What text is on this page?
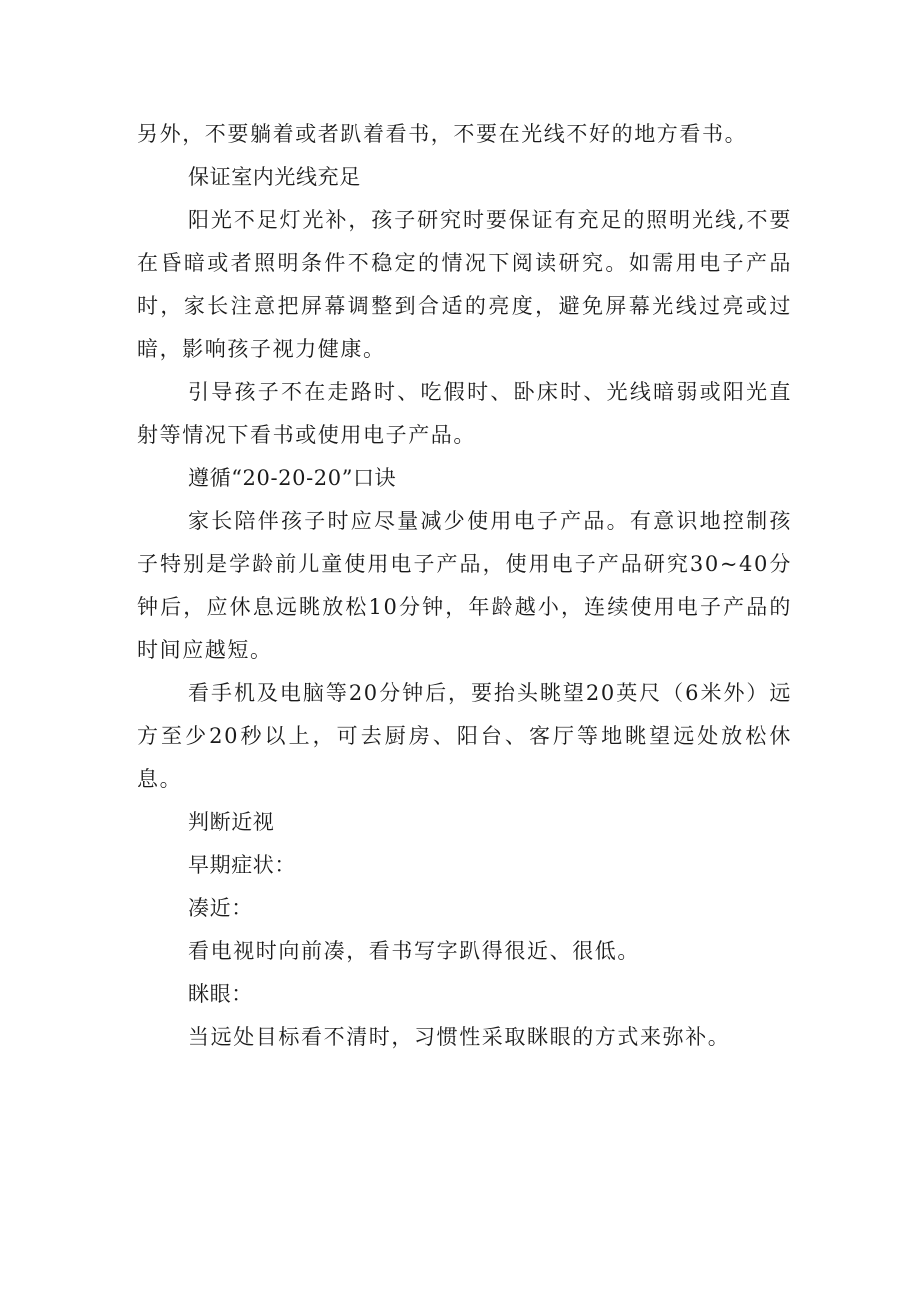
另外，不要躺着或者趴着看书，不要在光线不好的地方看书。

保证室内光线充足

阳光不足灯光补，孩子研究时要保证有充足的照明光线,不要在昏暗或者照明条件不稳定的情况下阅读研究。如需用电子产品时，家长注意把屏幕调整到合适的亮度，避免屏幕光线过亮或过暗，影响孩子视力健康。

引导孩子不在走路时、吃假时、卧床时、光线暗弱或阳光直射等情况下看书或使用电子产品。

遵循“20-20-20”口诀

家长陪伴孩子时应尽量减少使用电子产品。有意识地控制孩子特别是学龄前儿童使用电子产品，使用电子产品研究30~40分钟后，应休息远眺放松10分钟，年龄越小，连续使用电子产品的时间应越短。

看手机及电脑等20分钟后，要抬头眺望20英尺（6米外）远方至少20秒以上，可去厨房、阳台、客厅等地眺望远处放松休息。

判断近视

早期症状：

凑近：

看电视时向前凑，看书写字趴得很近、很低。

眯眼：

当远处目标看不清时，习惯性采取眯眼的方式来弥补。
